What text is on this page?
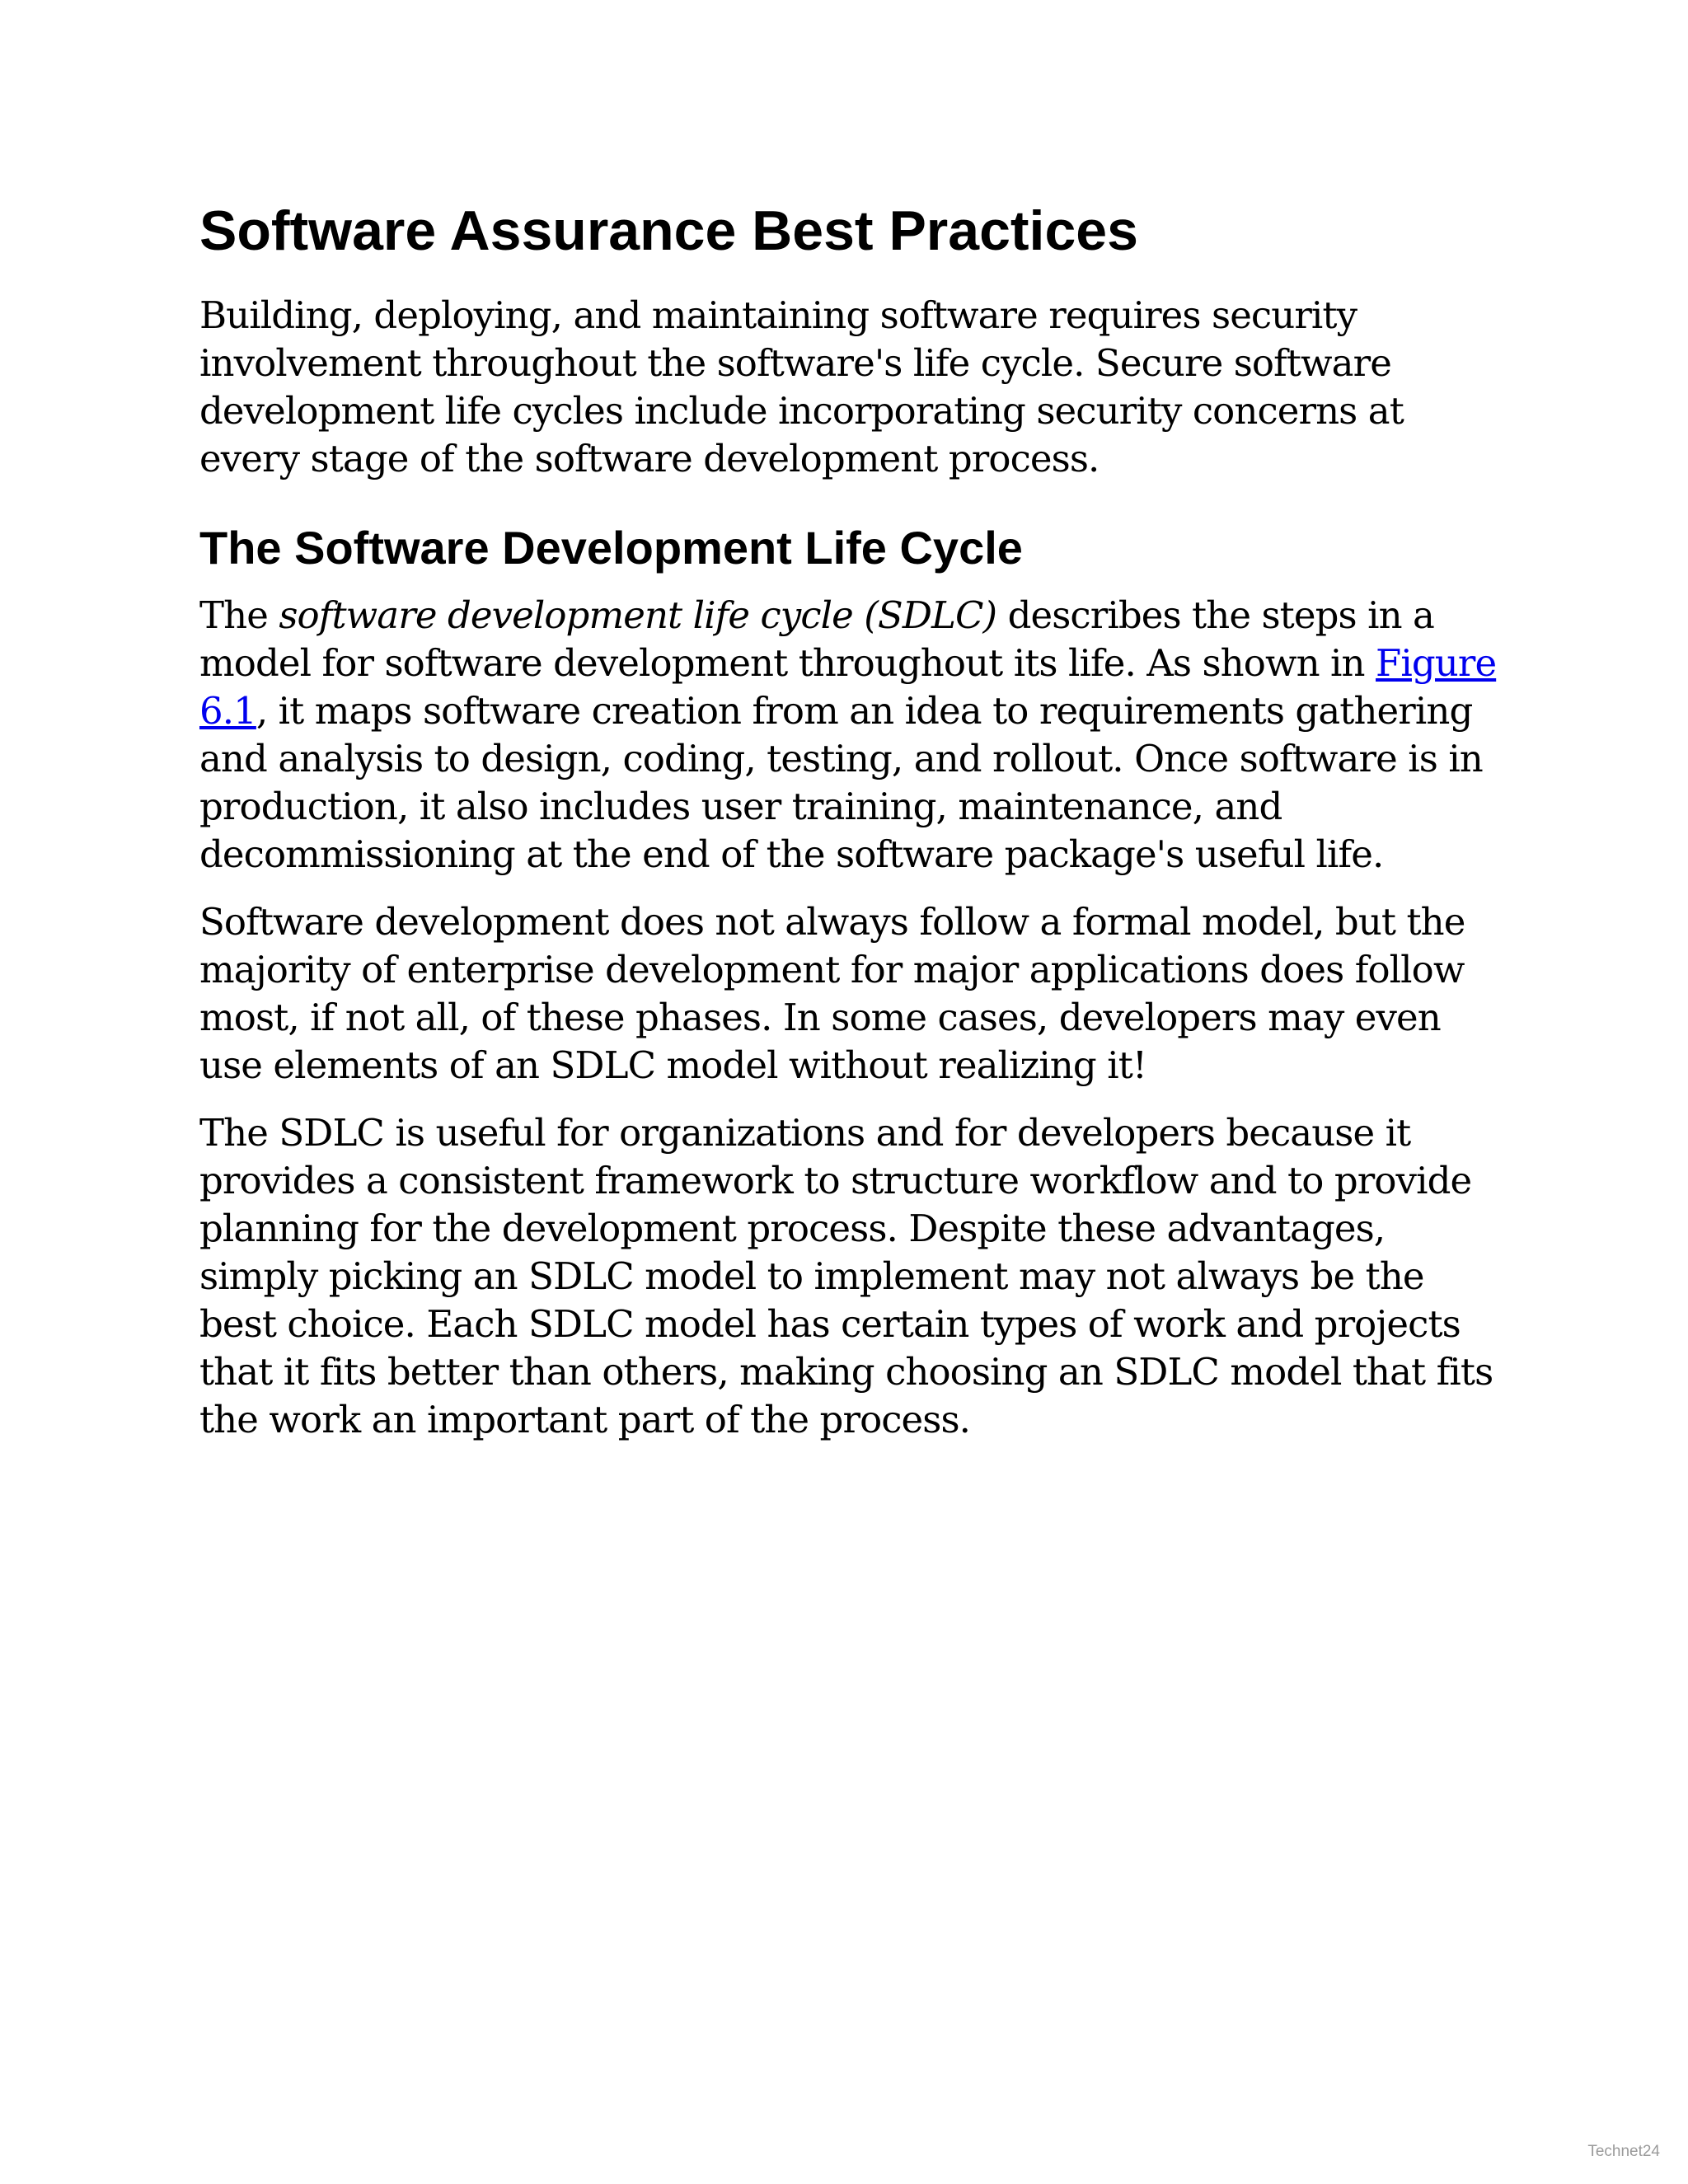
Software Assurance Best Practices

Building, deploying, and maintaining software requires security involvement throughout the software's life cycle. Secure software development life cycles include incorporating security concerns at every stage of the software development process.

The Software Development Life Cycle

The software development life cycle (SDLC) describes the steps in a model for software development throughout its life. As shown in Figure 6.1, it maps software creation from an idea to requirements gathering and analysis to design, coding, testing, and rollout. Once software is in production, it also includes user training, maintenance, and decommissioning at the end of the software package's useful life.

Software development does not always follow a formal model, but the majority of enterprise development for major applications does follow most, if not all, of these phases. In some cases, developers may even use elements of an SDLC model without realizing it!

The SDLC is useful for organizations and for developers because it provides a consistent framework to structure workflow and to provide planning for the development process. Despite these advantages, simply picking an SDLC model to implement may not always be the best choice. Each SDLC model has certain types of work and projects that it fits better than others, making choosing an SDLC model that fits the work an important part of the process.

Technet24
